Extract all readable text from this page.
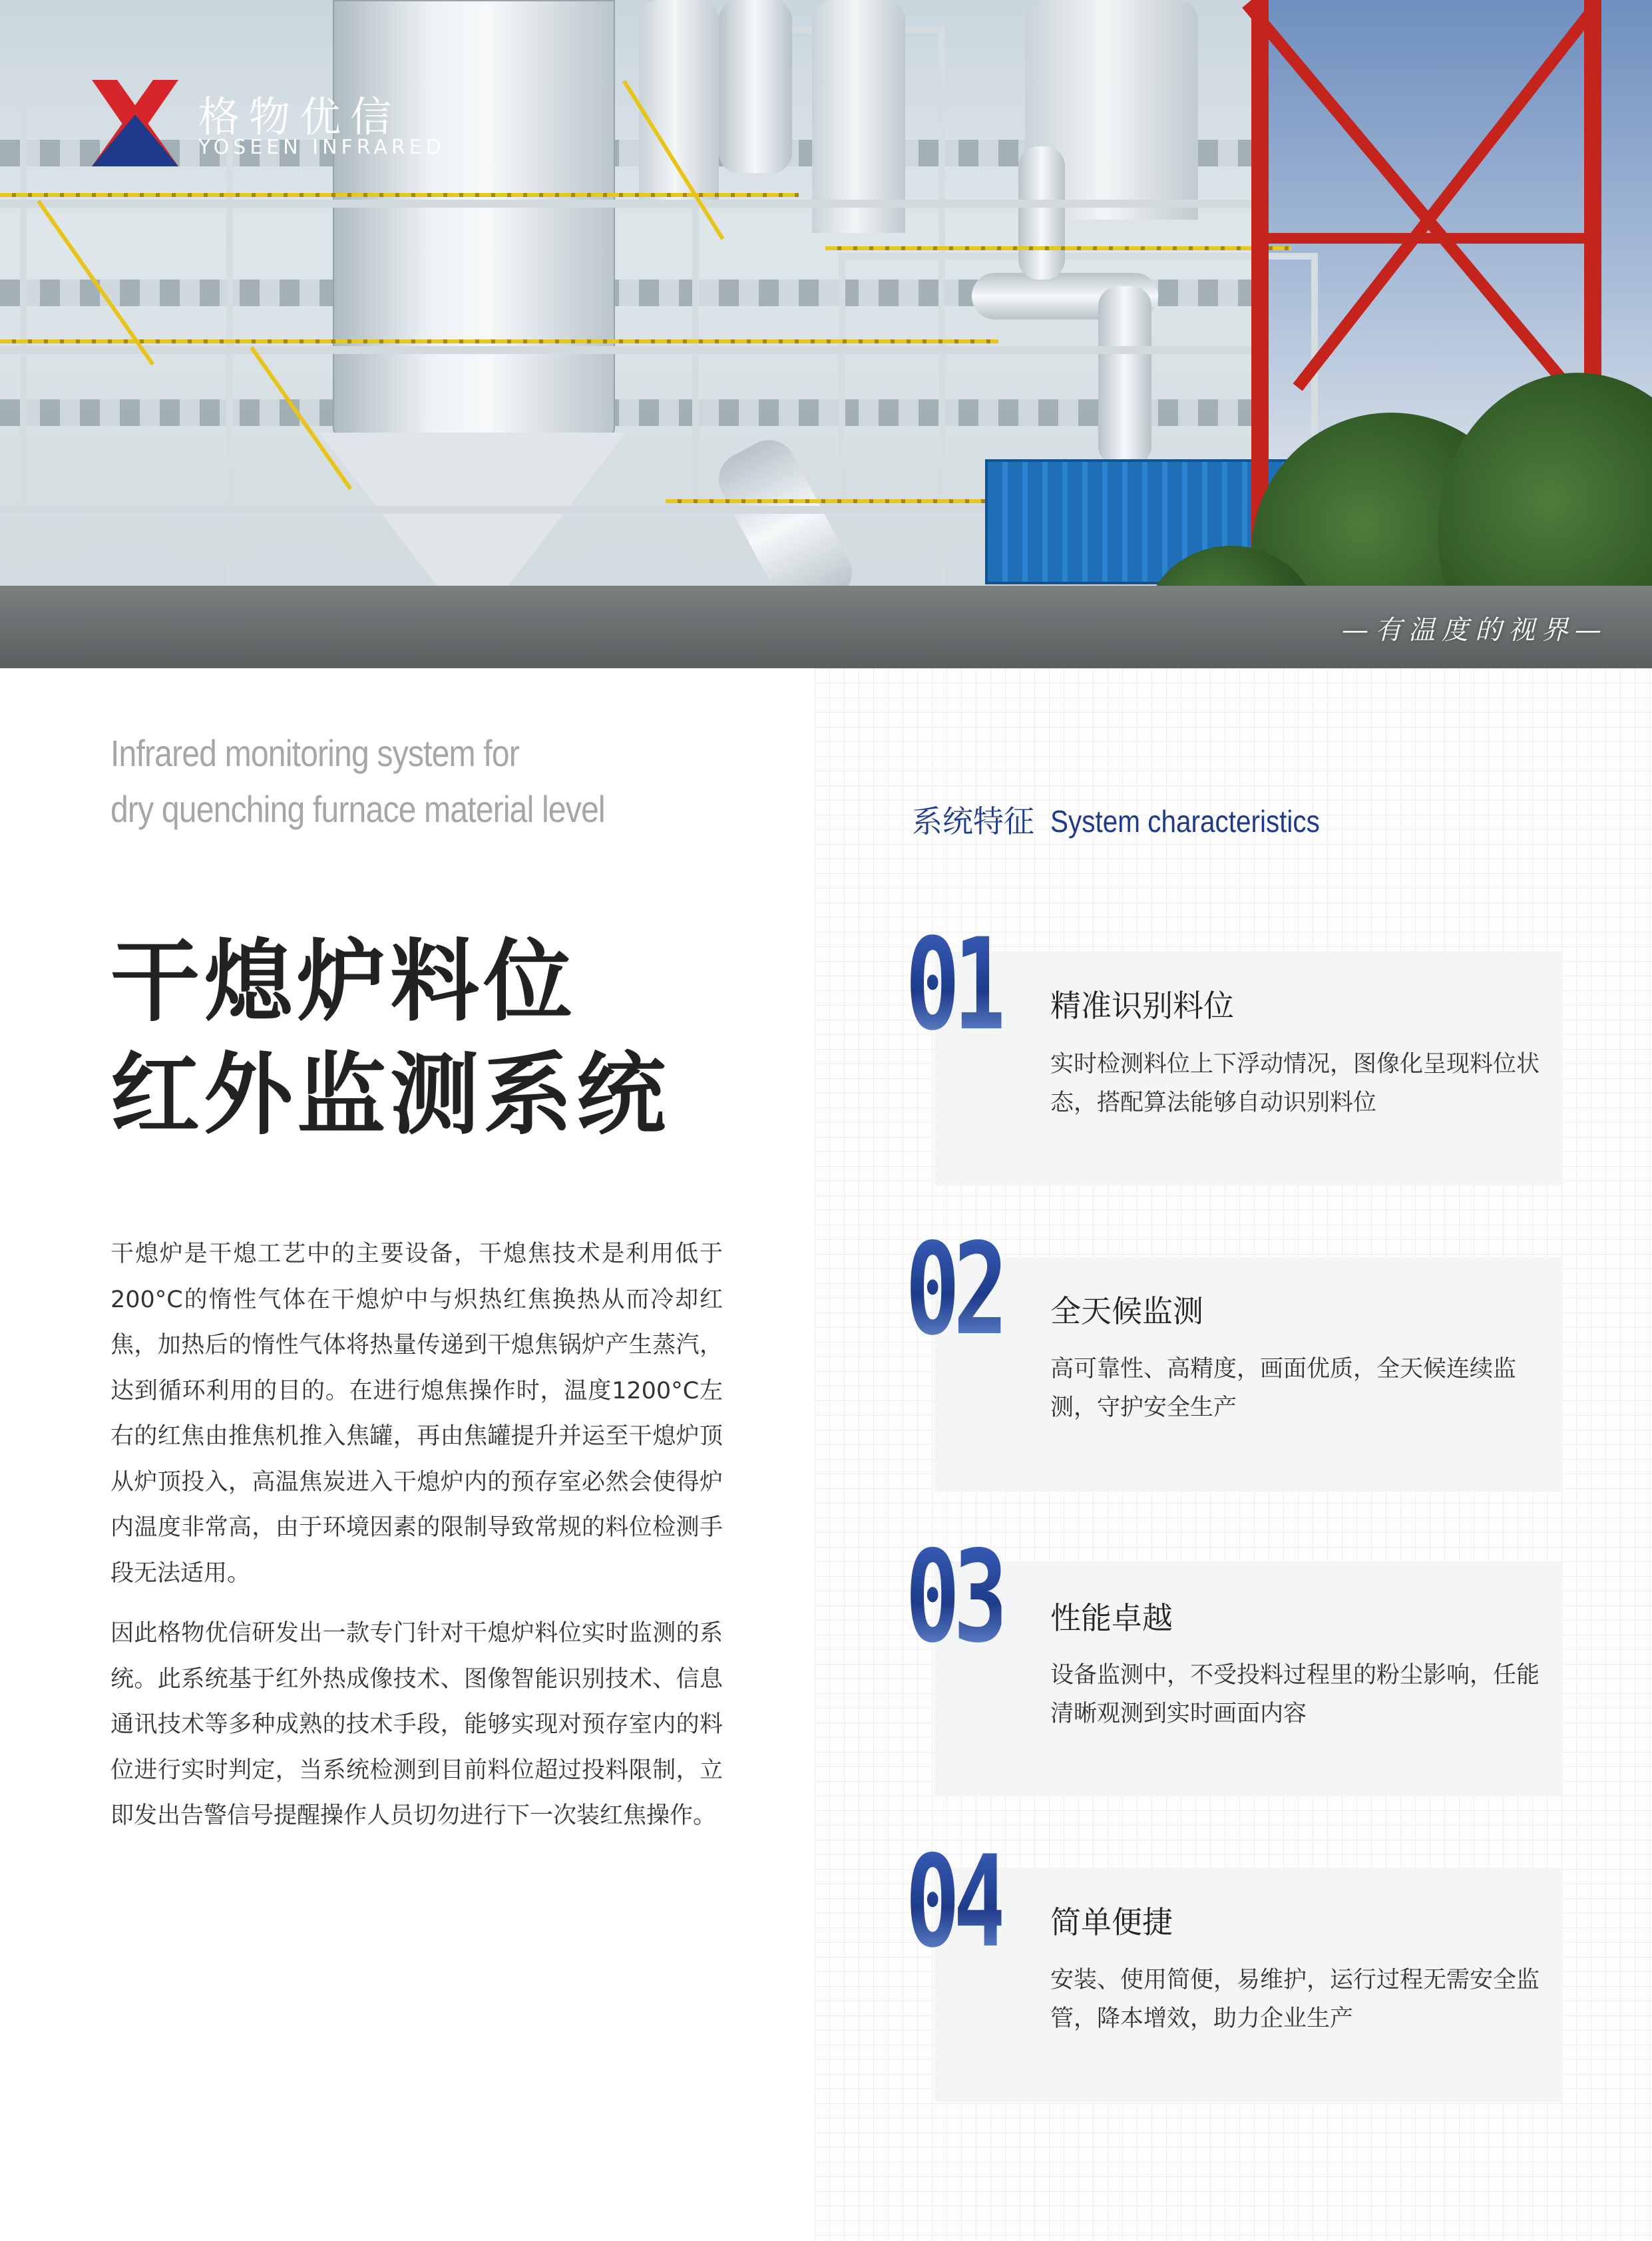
格物优信
YOSEEN INFRARED
—有温度的视界—
Infrared monitoring system for
dry quenching furnace material level
干熄炉料位
红外监测系统

干熄炉是干熄工艺中的主要设备，干熄焦技术是利用低于 200°C的惰性气体在干熄炉中与炽热红焦换热从而冷却红焦，加热后的惰性气体将热量传递到干熄焦锅炉产生蒸汽，达到循环利用的目的。在进行熄焦操作时，温度1200°C左右的红焦由推焦机推入焦罐，再由焦罐提升并运至干熄炉顶从炉顶投入，高温焦炭进入干熄炉内的预存室必然会使得炉内温度非常高，由于环境因素的限制导致常规的料位检测手段无法适用。

因此格物优信研发出一款专门针对干熄炉料位实时监测的系统。此系统基于红外热成像技术、图像智能识别技术、信息通讯技术等多种成熟的技术手段，能够实现对预存室内的料位进行实时判定，当系统检测到目前料位超过投料限制，立即发出告警信号提醒操作人员切勿进行下一次装红焦操作。

系统特征 System characteristics
01 精准识别料位
实时检测料位上下浮动情况，图像化呈现料位状态，搭配算法能够自动识别料位
02 全天候监测
高可靠性、高精度，画面优质，全天候连续监测，守护安全生产
03 性能卓越
设备监测中，不受投料过程里的粉尘影响，任能清晰观测到实时画面内容
04 简单便捷
安装、使用简便，易维护，运行过程无需安全监管，降本增效，助力企业生产
